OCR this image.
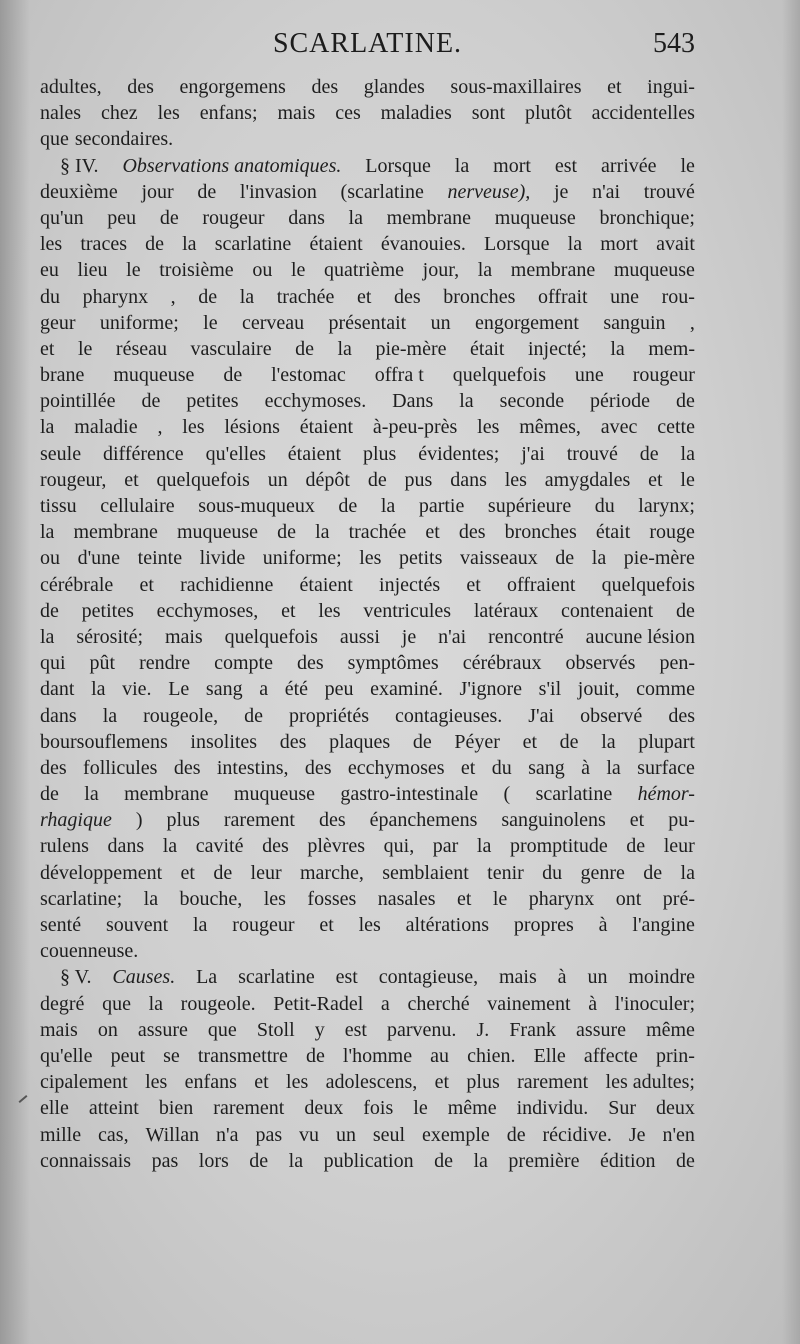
SCARLATINE.	543
adultes, des engorgemens des glandes sous-maxillaires et ingui-
nales chez les enfans; mais ces maladies sont plutôt accidentelles
que secondaires.
§ IV. Observations anatomiques. Lorsque la mort est arrivée le
deuxième jour de l'invasion (scarlatine nerveuse), je n'ai trouvé
qu'un peu de rougeur dans la membrane muqueuse bronchique;
les traces de la scarlatine étaient évanouies. Lorsque la mort avait
eu lieu le troisième ou le quatrième jour, la membrane muqueuse
du pharynx , de la trachée et des bronches offrait une rou-
geur uniforme; le cerveau présentait un engorgement sanguin ,
et le réseau vasculaire de la pie-mère était injecté; la mem-
brane muqueuse de l'estomac offra t quelquefois une rougeur
pointillée de petites ecchymoses. Dans la seconde période de
la maladie , les lésions étaient à-peu-près les mêmes, avec cette
seule différence qu'elles étaient plus évidentes; j'ai trouvé de la
rougeur, et quelquefois un dépôt de pus dans les amygdales et le
tissu cellulaire sous-muqueux de la partie supérieure du larynx;
la membrane muqueuse de la trachée et des bronches était rouge
ou d'une teinte livide uniforme; les petits vaisseaux de la pie-mère
cérébrale et rachidienne étaient injectés et offraient quelquefois
de petites ecchymoses, et les ventricules latéraux contenaient de
la sérosité; mais quelquefois aussi je n'ai rencontré aucune lésion
qui pût rendre compte des symptômes cérébraux observés pen-
dant la vie. Le sang a été peu examiné. J'ignore s'il jouit, comme
dans la rougeole, de propriétés contagieuses. J'ai observé des
boursouflemens insolites des plaques de Péyer et de la plupart
des follicules des intestins, des ecchymoses et du sang à la surface
de la membrane muqueuse gastro-intestinale ( scarlatine hémor-
rhagique ) plus rarement des épanchemens sanguinolens et pu-
rulens dans la cavité des plèvres qui, par la promptitude de leur
développement et de leur marche, semblaient tenir du genre de la
scarlatine; la bouche, les fosses nasales et le pharynx ont pré-
senté souvent la rougeur et les altérations propres à l'angine
couenneuse.
§ V. Causes. La scarlatine est contagieuse, mais à un moindre
degré que la rougeole. Petit-Radel a cherché vainement à l'inoculer;
mais on assure que Stoll y est parvenu. J. Frank assure même
qu'elle peut se transmettre de l'homme au chien. Elle affecte prin-
cipalement les enfans et les adolescens, et plus rarement les adultes;
elle atteint bien rarement deux fois le même individu. Sur deux
mille cas, Willan n'a pas vu un seul exemple de récidive. Je n'en
connaissais pas lors de la publication de la première édition de
